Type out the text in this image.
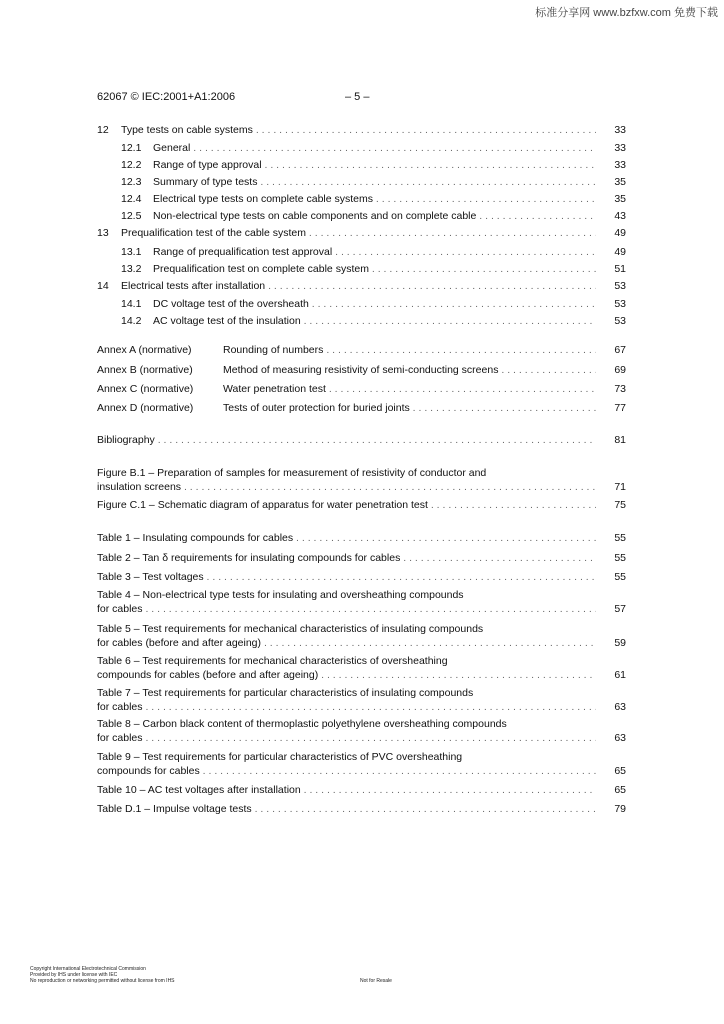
标准分享网 www.bzfxw.com 免费下载
62067 © IEC:2001+A1:2006	– 5 –
12 Type tests on cable systems . . .	33
12.1 General . . .	33
12.2 Range of type approval . . .	33
12.3 Summary of type tests . . .	35
12.4 Electrical type tests on complete cable systems . . .	35
12.5 Non-electrical type tests on cable components and on complete cable . . .	43
13 Prequalification test of the cable system . . .	49
13.1 Range of prequalification test approval . . .	49
13.2 Prequalification test on complete cable system . . .	51
14 Electrical tests after installation . . .	53
14.1 DC voltage test of the oversheath . . .	53
14.2 AC voltage test of the insulation . . .	53
Annex A (normative)	Rounding of numbers . . .	67
Annex B (normative)	Method of measuring resistivity of semi-conducting screens . . .	69
Annex C (normative)	Water penetration test . . .	73
Annex D (normative)	Tests of outer protection for buried joints . . .	77
Bibliography . . .	81
Figure B.1 – Preparation of samples for measurement of resistivity of conductor and
insulation screens . . .	71
Figure C.1 – Schematic diagram of apparatus for water penetration test . . .	75
Table 1 – Insulating compounds for cables . . .	55
Table 2 – Tan δ requirements for insulating compounds for cables . . .	55
Table 3 – Test voltages . . .	55
Table 4 – Non-electrical type tests for insulating and oversheathing compounds
for cables . . .	57
Table 5 – Test requirements for mechanical characteristics of insulating compounds
for cables (before and after ageing) . . .	59
Table 6 – Test requirements for mechanical characteristics of oversheathing
compounds for cables (before and after ageing) . . .	61
Table 7 – Test requirements for particular characteristics of insulating compounds
for cables . . .	63
Table 8 – Carbon black content of thermoplastic polyethylene oversheathing compounds
for cables . . .	63
Table 9 – Test requirements for particular characteristics of PVC oversheathing
compounds for cables . . .	65
Table 10 – AC test voltages after installation . . .	65
Table D.1 – Impulse voltage tests . . .	79
Copyright International Electrotechnical Commission
Provided by IHS under license with IEC
No reproduction or networking permitted without license from IHS	Not for Resale
